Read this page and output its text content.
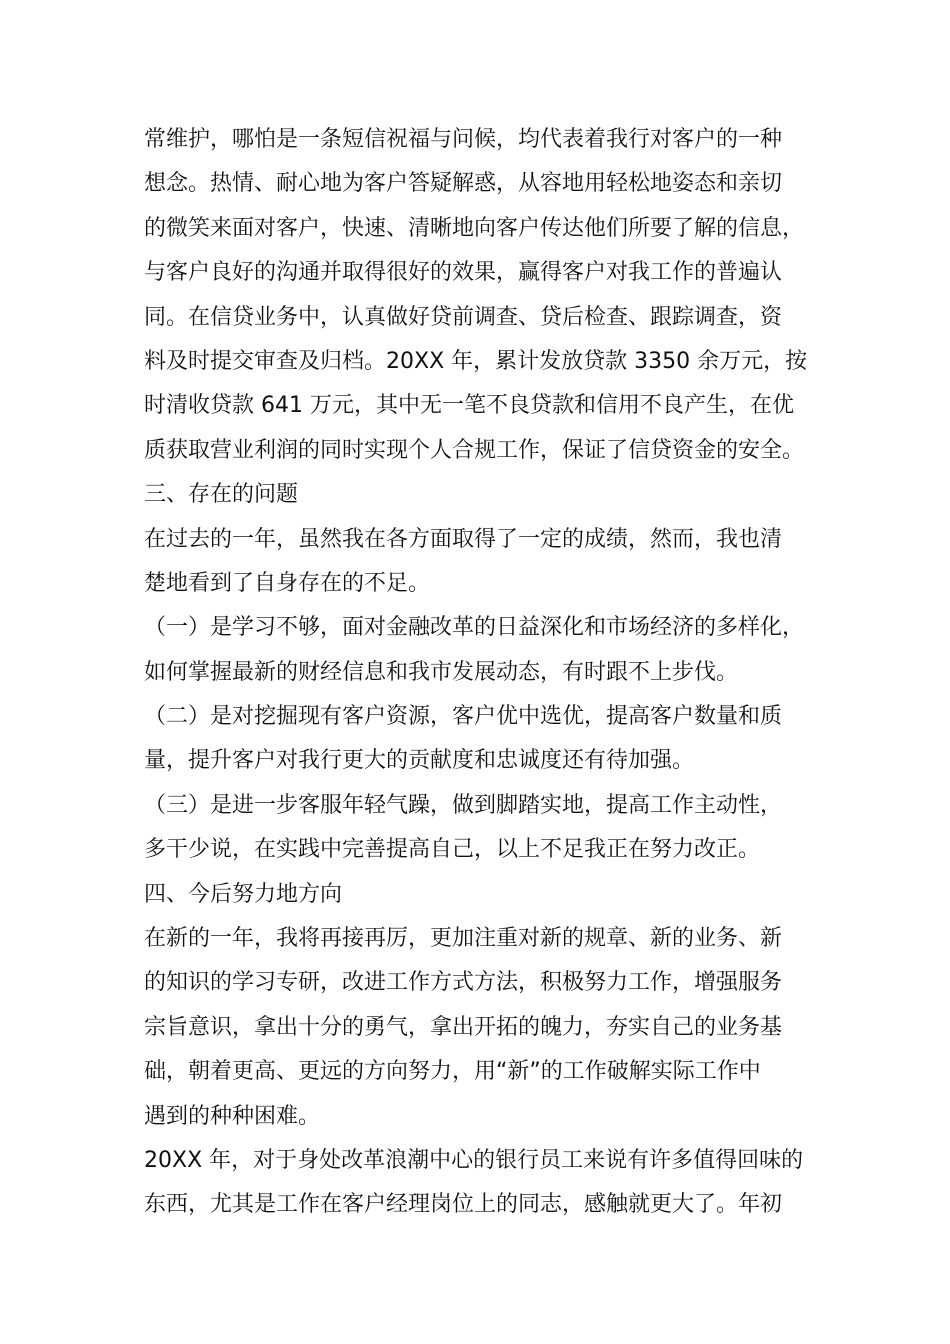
常维护，哪怕是一条短信祝福与问候，均代表着我行对客户的一种
想念。热情、耐心地为客户答疑解惑，从容地用轻松地姿态和亲切
的微笑来面对客户，快速、清晰地向客户传达他们所要了解的信息，
与客户良好的沟通并取得很好的效果，赢得客户对我工作的普遍认
同。在信贷业务中，认真做好贷前调查、贷后检查、跟踪调查，资
料及时提交审查及归档。20XX 年，累计发放贷款 3350 余万元，按
时清收贷款 641 万元，其中无一笔不良贷款和信用不良产生，在优
质获取营业利润的同时实现个人合规工作，保证了信贷资金的安全。
三、存在的问题
在过去的一年，虽然我在各方面取得了一定的成绩，然而，我也清
楚地看到了自身存在的不足。
（一）是学习不够，面对金融改革的日益深化和市场经济的多样化，
如何掌握最新的财经信息和我市发展动态，有时跟不上步伐。
（二）是对挖掘现有客户资源，客户优中选优，提高客户数量和质
量，提升客户对我行更大的贡献度和忠诚度还有待加强。
（三）是进一步客服年轻气躁，做到脚踏实地，提高工作主动性，
多干少说，在实践中完善提高自己，以上不足我正在努力改正。
四、今后努力地方向
在新的一年，我将再接再厉，更加注重对新的规章、新的业务、新
的知识的学习专研，改进工作方式方法，积极努力工作，增强服务
宗旨意识，拿出十分的勇气，拿出开拓的魄力，夯实自己的业务基
础，朝着更高、更远的方向努力，用“新”的工作破解实际工作中
遇到的种种困难。
20XX 年，对于身处改革浪潮中心的银行员工来说有许多值得回味的
东西，尤其是工作在客户经理岗位上的同志，感触就更大了。年初
